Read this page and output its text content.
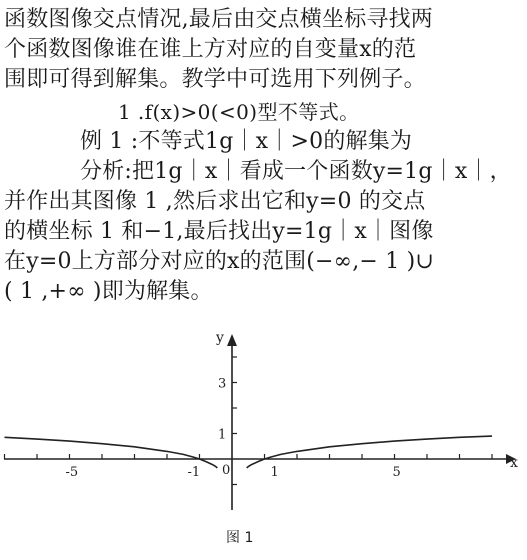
函数图像交点情况,最后由交点横坐标寻找两
个函数图像谁在谁上方对应的自变量x的范
围即可得到解集。教学中可选用下列例子。
1 .f(x)>0(<0)型不等式。
例 1 :不等式1g｜x｜>0的解集为
分析:把1g｜x｜看成一个函数y=1g｜x｜，
并作出其图像 1 ,然后求出它和y=0 的交点
的横坐标 1 和−1,最后找出y=1g｜x｜图像
在y=0上方部分对应的x的范围(−∞,− 1 )∪
( 1 ,+∞ )即为解集。
-5	-1 0	1	5
3
1
x
y
图 1
